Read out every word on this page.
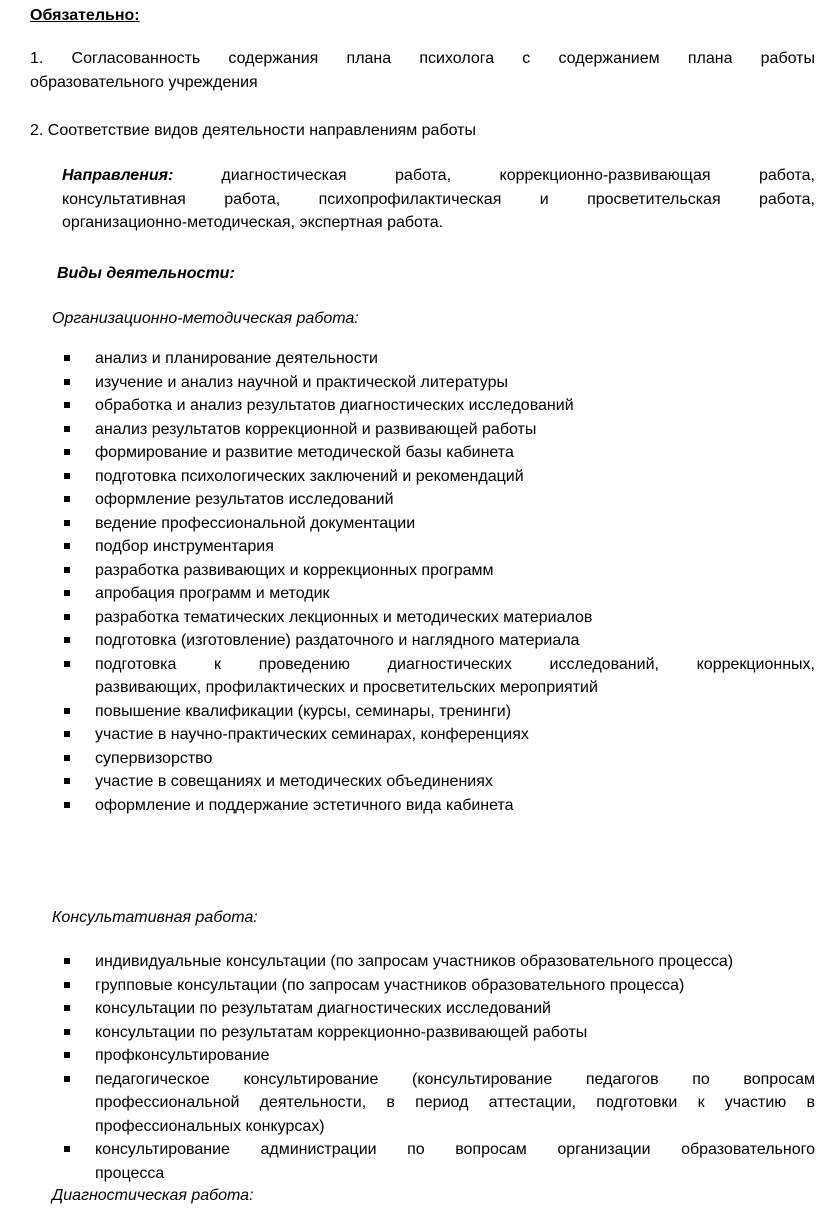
Обязательно:
1. Согласованность содержания плана психолога с содержанием плана работы
образовательного учреждения
2. Соответствие видов деятельности направлениям работы
Направления:	диагностическая работа, коррекционно-развивающая работа,
консультативная работа, психопрофилактическая и просветительская работа,
организационно-методическая, экспертная работа.
Виды деятельности:
Организационно-методическая работа:
анализ и планирование деятельности
изучение и анализ научной и практической литературы
обработка и анализ результатов диагностических исследований
анализ результатов коррекционной и развивающей работы
формирование и развитие методической базы кабинета
подготовка психологических заключений и рекомендаций
оформление результатов исследований
ведение профессиональной документации
подбор инструментария
разработка развивающих и коррекционных программ
апробация программ и методик
разработка тематических лекционных и методических материалов
подготовка (изготовление) раздаточного и наглядного материала
подготовка к проведению диагностических исследований, коррекционных,
развивающих, профилактических и просветительских мероприятий
повышение квалификации (курсы, семинары, тренинги)
участие в научно-практических семинарах, конференциях
супервизорство
участие в совещаниях и методических объединениях
оформление и поддержание эстетичного вида кабинета
Консультативная работа:
индивидуальные консультации (по запросам участников образовательного процесса)
групповые консультации (по запросам участников образовательного процесса)
консультации по результатам диагностических исследований
консультации по результатам коррекционно-развивающей работы
профконсультирование
педагогическое консультирование (консультирование педагогов по вопросам
профессиональной деятельности, в период аттестации, подготовки к участию в
профессиональных конкурсах)
консультирование администрации по вопросам организации образовательного
процесса
Диагностическая работа:
